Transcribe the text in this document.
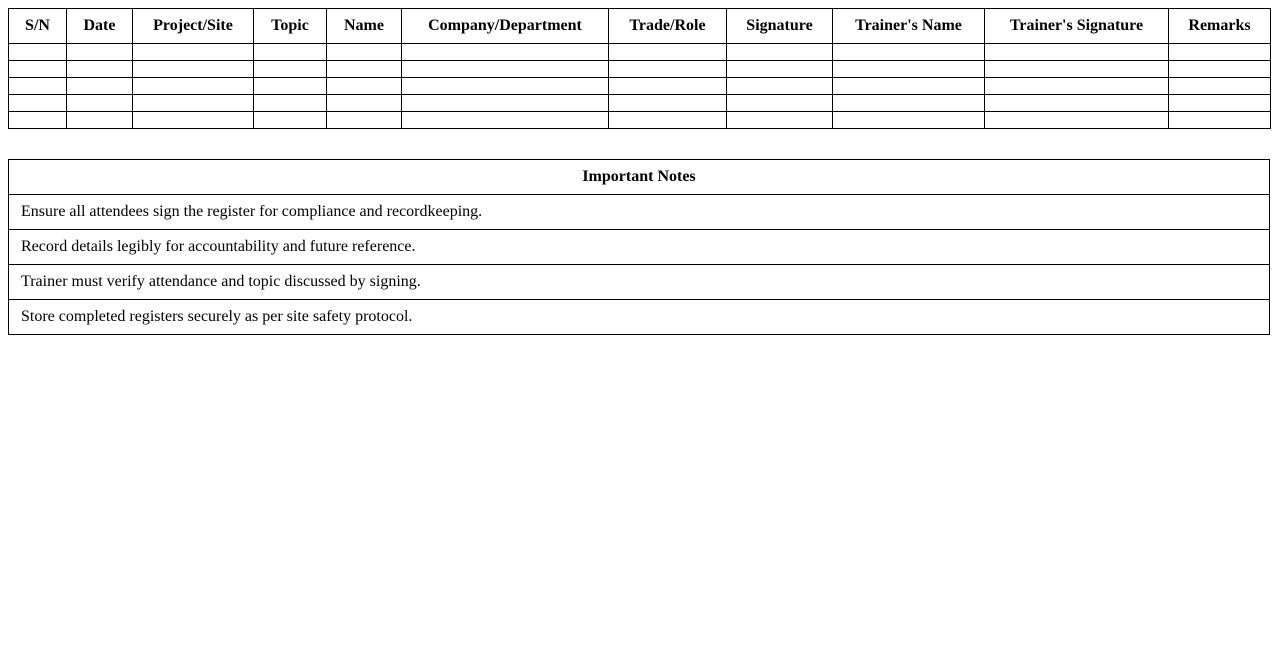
S/N	Date	Project/Site	Topic	Name	Company/Department	Trade/Role	Signature	Trainer's Name	Trainer's Signature	Remarks

Important Notes
Ensure all attendees sign the register for compliance and recordkeeping.
Record details legibly for accountability and future reference.
Trainer must verify attendance and topic discussed by signing.
Store completed registers securely as per site safety protocol.
